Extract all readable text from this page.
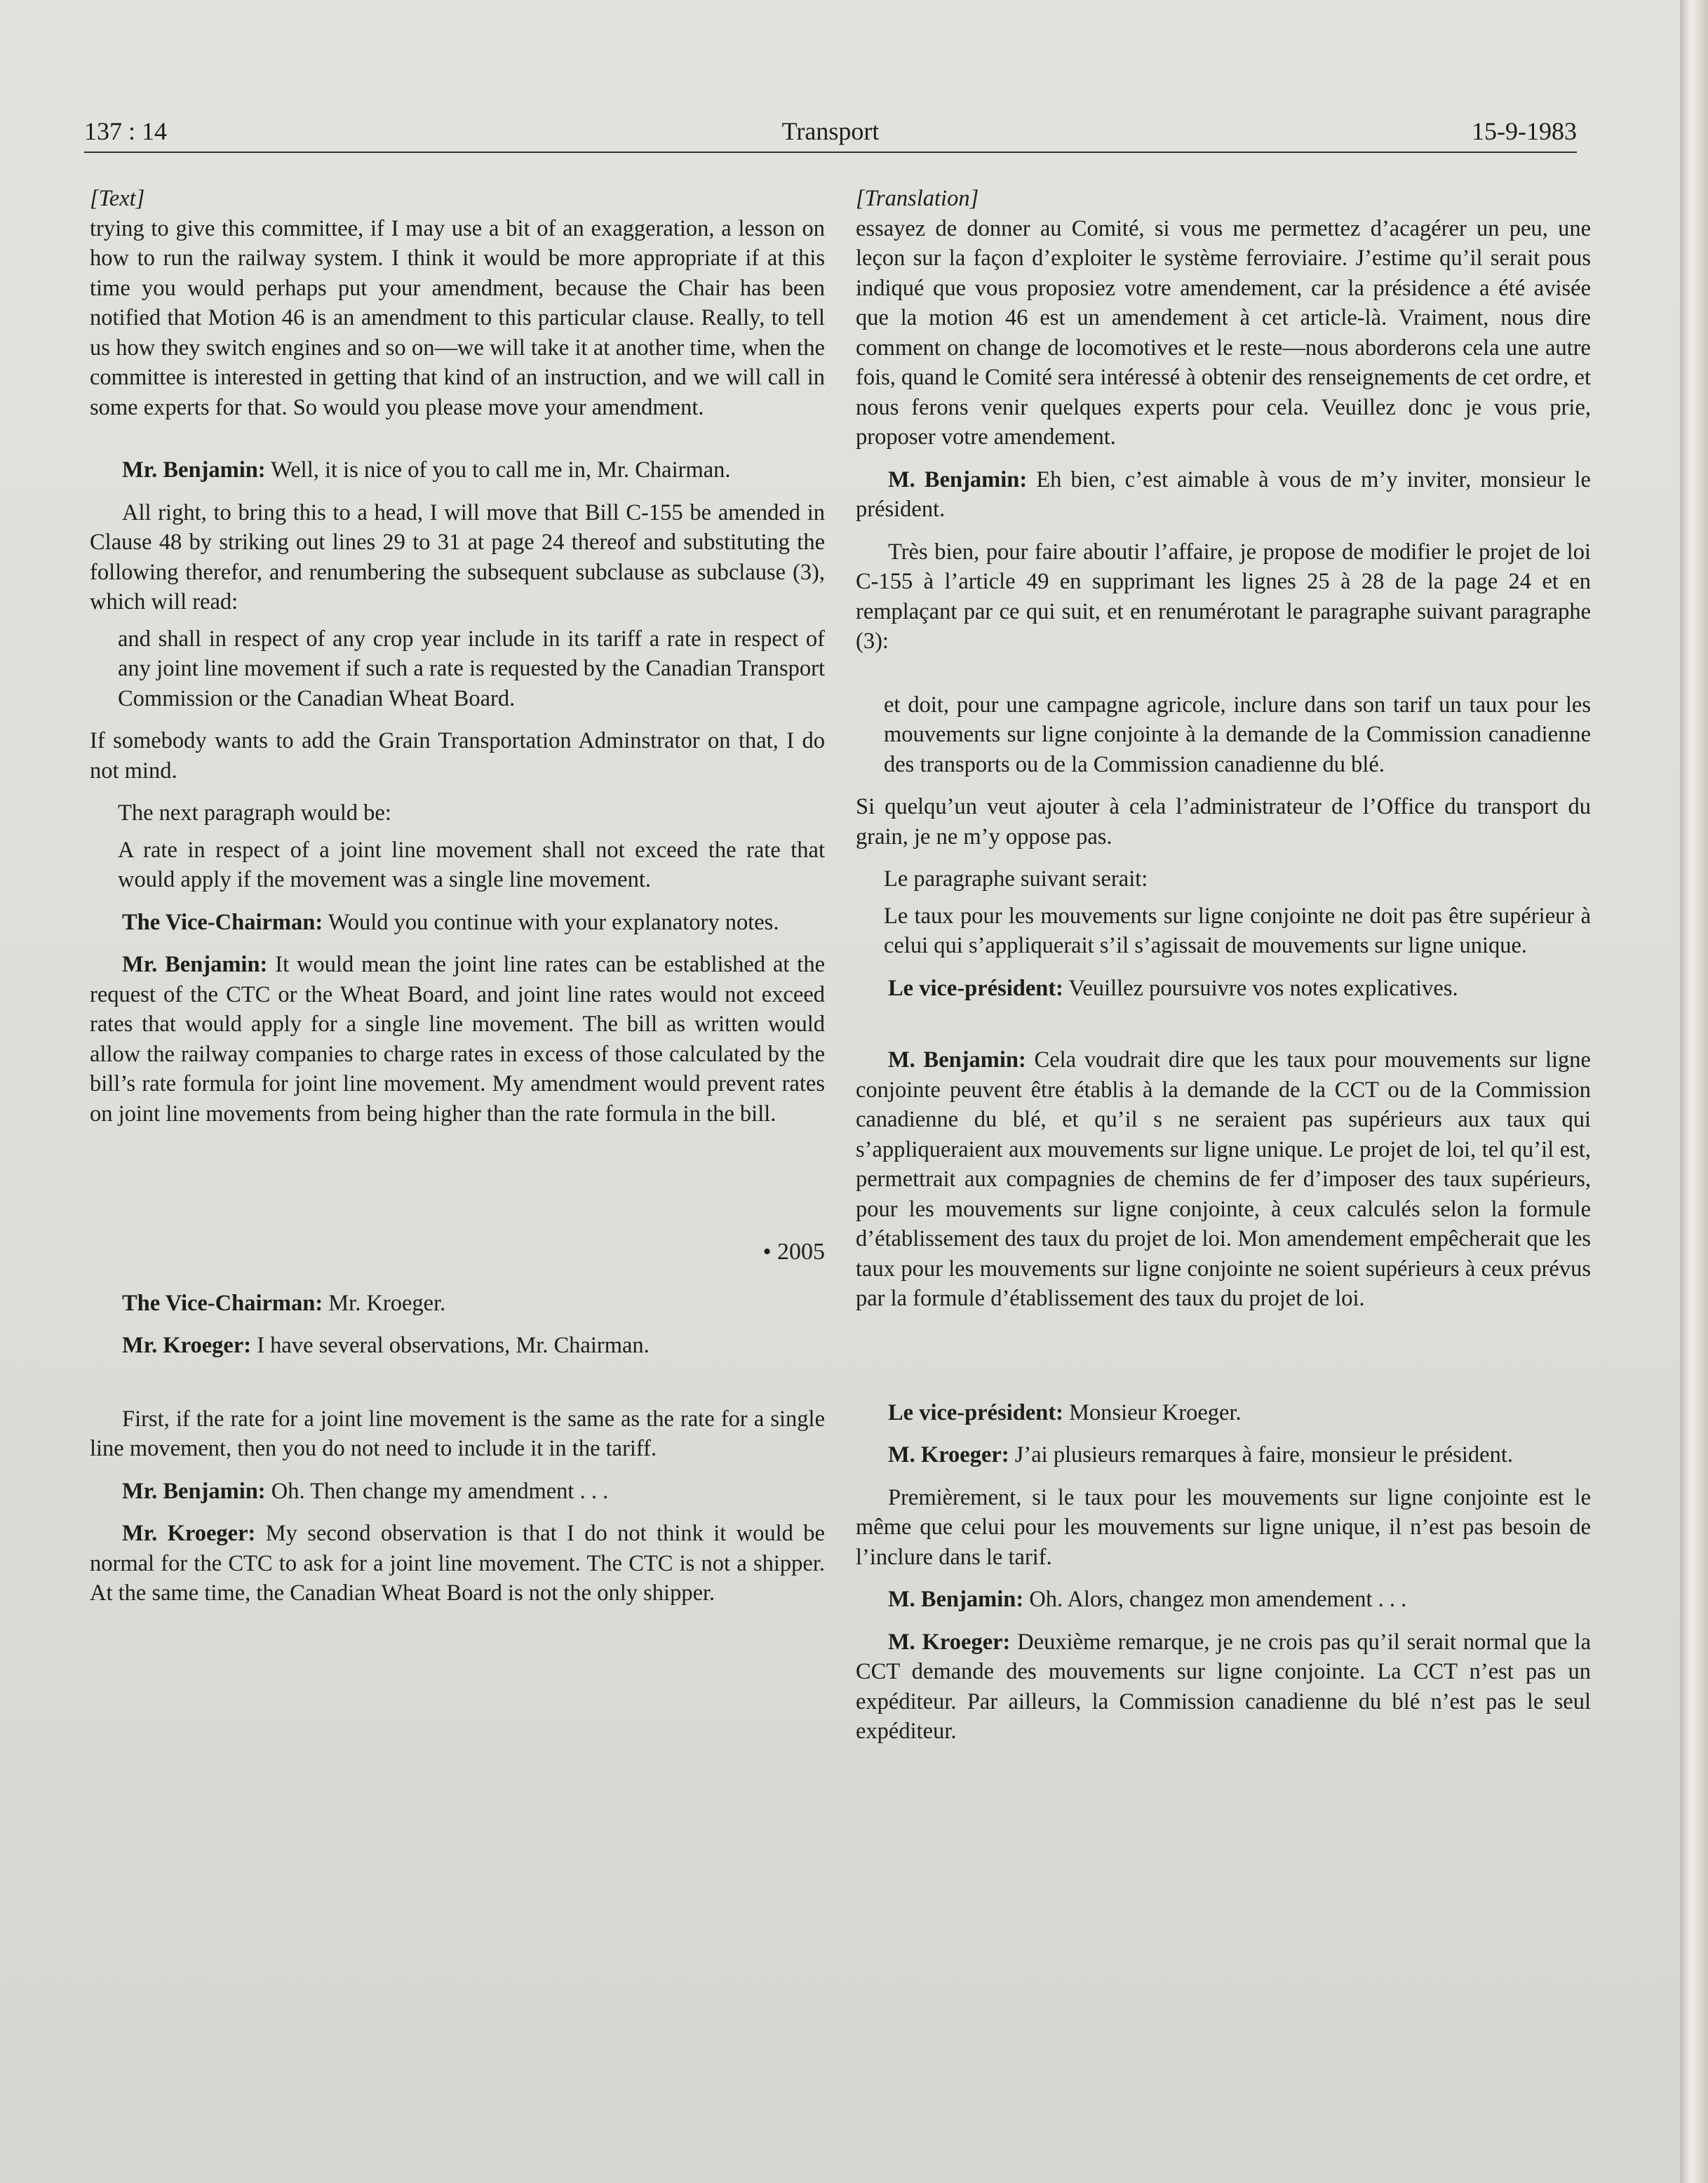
137 : 14	Transport	15-9-1983

[Text]

trying to give this committee, if I may use a bit of an exaggeration, a lesson on how to run the railway system. I think it would be more appropriate if at this time you would perhaps put your amendment, because the Chair has been notified that Motion 46 is an amendment to this particular clause. Really, to tell us how they switch engines and so on—we will take it at another time, when the committee is interested in getting that kind of an instruction, and we will call in some experts for that. So would you please move your amendment.

Mr. Benjamin: Well, it is nice of you to call me in, Mr. Chairman.

All right, to bring this to a head, I will move that Bill C-155 be amended in Clause 48 by striking out lines 29 to 31 at page 24 thereof and substituting the following therefor, and renumbering the subsequent subclause as subclause (3), which will read:

and shall in respect of any crop year include in its tariff a rate in respect of any joint line movement if such a rate is requested by the Canadian Transport Commission or the Canadian Wheat Board.

If somebody wants to add the Grain Transportation Adminstrator on that, I do not mind.

The next paragraph would be:

A rate in respect of a joint line movement shall not exceed the rate that would apply if the movement was a single line movement.

The Vice-Chairman: Would you continue with your explanatory notes.

Mr. Benjamin: It would mean the joint line rates can be established at the request of the CTC or the Wheat Board, and joint line rates would not exceed rates that would apply for a single line movement. The bill as written would allow the railway companies to charge rates in excess of those calculated by the bill’s rate formula for joint line movement. My amendment would prevent rates on joint line movements from being higher than the rate formula in the bill.

• 2005

The Vice-Chairman: Mr. Kroeger.

Mr. Kroeger: I have several observations, Mr. Chairman.

First, if the rate for a joint line movement is the same as the rate for a single line movement, then you do not need to include it in the tariff.

Mr. Benjamin: Oh. Then change my amendment . . .

Mr. Kroeger: My second observation is that I do not think it would be normal for the CTC to ask for a joint line movement. The CTC is not a shipper. At the same time, the Canadian Wheat Board is not the only shipper.

[Translation]

essayez de donner au Comité, si vous me permettez d’acagérer un peu, une leçon sur la façon d’exploiter le système ferroviaire. J’estime qu’il serait pous indiqué que vous proposiez votre amendement, car la présidence a été avisée que la motion 46 est un amendement à cet article-là. Vraiment, nous dire comment on change de locomotives et le reste—nous aborderons cela une autre fois, quand le Comité sera intéressé à obtenir des renseignements de cet ordre, et nous ferons venir quelques experts pour cela. Veuillez donc je vous prie, proposer votre amendement.

M. Benjamin: Eh bien, c’est aimable à vous de m’y inviter, monsieur le président.

Très bien, pour faire aboutir l’affaire, je propose de modifier le projet de loi C-155 à l’article 49 en supprimant les lignes 25 à 28 de la page 24 et en remplaçant par ce qui suit, et en renumérotant le paragraphe suivant paragraphe (3):

et doit, pour une campagne agricole, inclure dans son tarif un taux pour les mouvements sur ligne conjointe à la demande de la Commission canadienne des transports ou de la Commission canadienne du blé.

Si quelqu’un veut ajouter à cela l’administrateur de l’Office du transport du grain, je ne m’y oppose pas.

Le paragraphe suivant serait:

Le taux pour les mouvements sur ligne conjointe ne doit pas être supérieur à celui qui s’appliquerait s’il s’agissait de mouvements sur ligne unique.

Le vice-président: Veuillez poursuivre vos notes explicatives.

M. Benjamin: Cela voudrait dire que les taux pour mouvements sur ligne conjointe peuvent être établis à la demande de la CCT ou de la Commission canadienne du blé, et qu’il s ne seraient pas supérieurs aux taux qui s’appliqueraient aux mouvements sur ligne unique. Le projet de loi, tel qu’il est, permettrait aux compagnies de chemins de fer d’imposer des taux supérieurs, pour les mouvements sur ligne conjointe, à ceux calculés selon la formule d’établissement des taux du projet de loi. Mon amendement empêcherait que les taux pour les mouvements sur ligne conjointe ne soient supérieurs à ceux prévus par la formule d’établissement des taux du projet de loi.

Le vice-président: Monsieur Kroeger.

M. Kroeger: J’ai plusieurs remarques à faire, monsieur le président.

Premièrement, si le taux pour les mouvements sur ligne conjointe est le même que celui pour les mouvements sur ligne unique, il n’est pas besoin de l’inclure dans le tarif.

M. Benjamin: Oh. Alors, changez mon amendement . . .

M. Kroeger: Deuxième remarque, je ne crois pas qu’il serait normal que la CCT demande des mouvements sur ligne conjointe. La CCT n’est pas un expéditeur. Par ailleurs, la Commission canadienne du blé n’est pas le seul expéditeur.
